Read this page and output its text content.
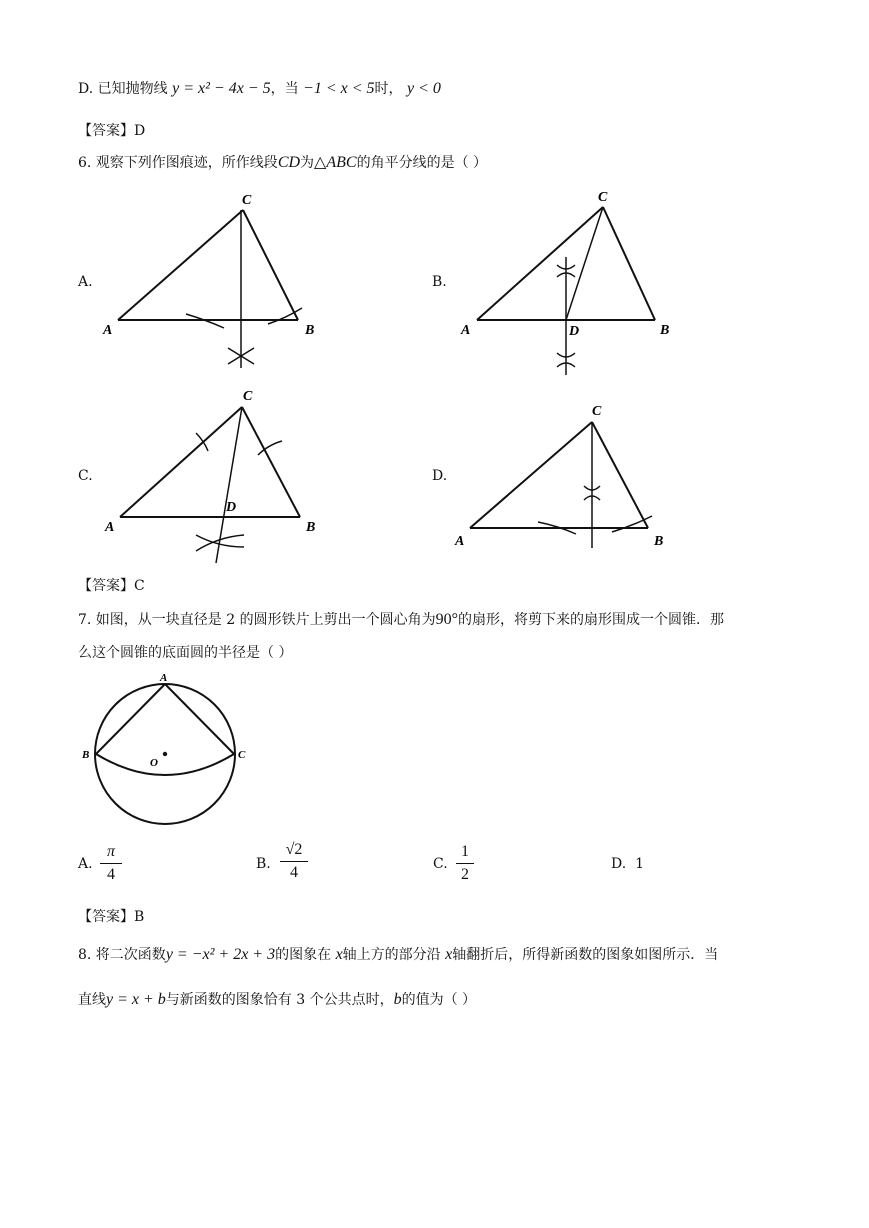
D. 已知抛物线 y = x² − 4x − 5，当 −1 < x < 5时， y < 0
【答案】D
6. 观察下列作图痕迹，所作线段CD为△ABC的角平分线的是（ ）
A.	B.
C.	D.
A	B
C
A	B
C
D
A	B
C
D
A	B
C
【答案】C
7. 如图，从一块直径是 2 的圆形铁片上剪出一个圆心角为90°的扇形，将剪下来的扇形围成一个圆锥．那
么这个圆锥的底面圆的半径是（ ）
A
B	C
O
A.
π
4
B.
√2
4	C.
1
2
D. 1
【答案】B
8. 将二次函数y = −x² + 2x + 3的图象在 x轴上方的部分沿 x轴翻折后，所得新函数的图象如图所示．当
直线y = x + b与新函数的图象恰有 3 个公共点时，b的值为（ ）
